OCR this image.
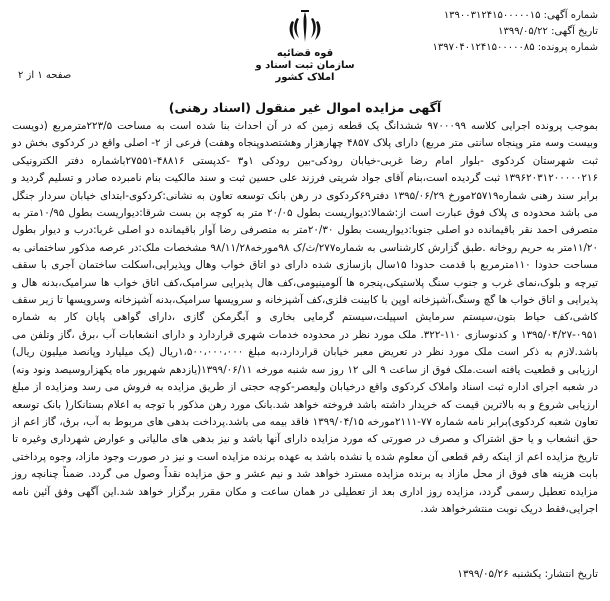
شماره آگهی: ۱۳۹۰۰۳۱۲۴۱۵۰۰۰۰۰۱۵
تاریخ آگهی: ۱۳۹۹/۰۵/۲۲
شماره پرونده: ۱۳۹۷۰۴۰۱۲۴۱۵۰۰۰۰۰۸۵
قوه قضائیه
سازمان ثبت اسناد و املاک کشور
صفحه ۱ از ۲
آگهی مزایده اموال غیر منقول (اسناد رهنی)
بموجب پرونده اجرایی کلاسه ۹۷۰۰۰۹۹ ششدانگ یک قطعه زمین که در آن احداث بنا شده است به مساحت ۲۲۳/۵مترمربع (دویست وبیست وسه متر وپنجاه سانتی متر مربع) دارای پلاک ۴۸۵۷ چهارهزار وهشتصدوپنجاه وهفت) فرعی از ۲- اصلی واقع در کردکوی بخش دو ثبت شهرستان کردکوی -بلوار امام رضا غربی-خیابان رودکی-بین رودکی ۱و۳ -کدپستی ۴۸۸۱۶-۲۷۵۵۱باشماره دفتر الکترونیکی ۱۳۹۶۲۰۳۱۲۰۰۰۰۰۲۱۶ ثبت گردیده است،بنام آقای جواد شریتی فرزند علی حسین ثبت و سند مالکیت بنام نامبرده صادر و تسلیم گردید و برابر سند رهنی شماره۲۵۷۱۹مورخ ۱۳۹۵/۰۶/۲۹ دفتر۶۹کردکوی در رهن بانک توسعه تعاون به نشانی:کردکوی-ابتدای خیابان سردار جنگل می باشد محدوده ی پلاک فوق عبارت است از:شمالا:دیواریست بطول ۲۰/۰۵ متر به کوچه بن بست شرقا:دیواریست بطول ۱۰/۹۵متر به متصرفی احمد نقر باقیمانده دو اصلی جنوبا:دیواریست بطول ۲۰/۳۰متر به متصرفی رضا آوار باقیمانده دو اصلی غربا:درب و دیوار بطول ۱۱/۲۰متر به حریم روخانه .طبق گزارش کارشناسی به شماره۲۷۷/ث/ک ۹۸مورخه۹۸/۱۱/۲۸ مشخصات ملک:در عرصه مذکور ساختمانی به مساحت حدودا ۱۱۰مترمربع با قدمت حدودا ۱۵سال بازسازی شده دارای دو اتاق خواب وهال وپذیرایی،اسکلت ساختمان آجری با سقف تیرچه و بلوک،نمای غرب و جنوب سنگ پلاستیکی،پنجره ها آلومینیومی،کف هال پذیرایی سرامیک،کف اتاق خواب ها سرامیک،بدنه هال و پذیرایی و اتاق خواب ها گچ وسنگ،آشپزخانه اوپن با کابینت فلزی،کف آشپزخانه و سرویسها سرامیک،بدنه آشپزخانه وسرویسها تا زیر سقف کاشی،کف حیاط بتون،سیستم سرمایش اسپیلت،سیستم گرمایی بخاری و آبگرمکن گازی ،دارای گواهی پایان کار به شماره ۰۹۵۱-۱۳۹۵/۰۴/۲۷ و کدنوسازی ۱۱۰-۳۲۲. ملک مورد نظر در محدوده خدمات شهری قراردارد و دارای انشعابات آب ،برق ،گاز وتلفن می باشد.لازم به ذکر است ملک مورد نظر در تعریض معبر خیابان قراردارد،به مبلغ ۱،۵۰۰،۰۰۰،۰۰۰ریال (یک میلیارد وپانصد میلیون ریال) ارزیابی و قطعیت یافته است.ملک فوق از ساعت ۹ الی ۱۲ روز سه شنبه مورخه ۱۳۹۹/۰۶/۱۱(یازدهم شهریور ماه یکهزاروسیصد ونود ونه) در شعبه اجرای اداره ثبت اسناد واملاک کردکوی واقع درخیابان ولیعصر-کوچه حجتی از طریق مزایده به فروش می رسد ومزایده از مبلغ ارزیابی شروع و به بالاترین قیمت که خریدار داشته باشد فروخته خواهد شد.بانک مورد رهن مذکور با توجه به اعلام بستانکار( بانک توسعه تعاون شعبه کردکوی)برابر نامه شماره ۷۷-۲۱۱۱مورخه ۱۳۹۹/۰۴/۱۵ فاقد بیمه می باشد.پرداخت بدهی های مربوط به آب، برق، گاز اعم از حق انشعاب و یا حق اشتراک و مصرف در صورتی که مورد مزایده دارای آنها باشد و نیز بدهی های مالیاتی و عوارض شهرداری وغیره تا تاریخ مزایده اعم از اینکه رقم قطعی آن معلوم شده یا نشده باشد به عهده برنده مزایده است و نیز در صورت وجود مازاد، وجوه پرداختی بابت هزینه های فوق از محل مازاد به برنده مزایده مسترد خواهد شد و نیم عشر و حق مزایده نقداً وصول می گردد. ضمناً چنانچه روز مزایده تعطیل رسمی گردد، مزایده روز اداری بعد از تعطیلی در همان ساعت و مکان مقرر برگزار خواهد شد.این آگهی وفق آئین نامه اجرایی،فقط دریک نوبت منتشرخواهد شد.
تاریخ انتشار: یکشنبه ۱۳۹۹/۰۵/۲۶
